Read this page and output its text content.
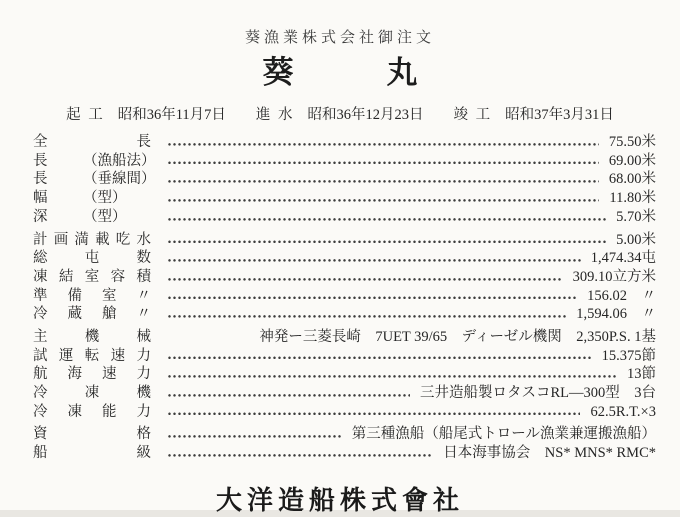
葵漁業株式会社御注文
葵　　　丸
起 工 昭和36年11月7日 進 水 昭和36年12月23日 竣 工 昭和37年3月31日
全	長	75.50米
長 （漁船法）	69.00米
長 （垂線間）	68.00米
幅 （型）	11.80米
深 （型）	5.70米
計 画 満 載 吃 水	5.00米
総	屯	数	1,474.34屯
凍 結 室 容 積	309.10立方米
準 備 室 〃	156.02　〃
冷 蔵 艙 〃	1,594.06　〃
主	機	械	神発ー三菱長崎　7UET 39/65　ディーゼル機関　2,350P.S. 1基
試 運 転 速 力	15.375節
航 海 速 力	13節
冷	凍	機	三井造船製ロタスコRL―300型　3台
冷 凍 能 力	62.5R.T.×3
資	格	第三種漁船（船尾式トロール漁業兼運搬漁船）
船	級	日本海事協会　NS* MNS* RMC*
大洋造船株式會社
